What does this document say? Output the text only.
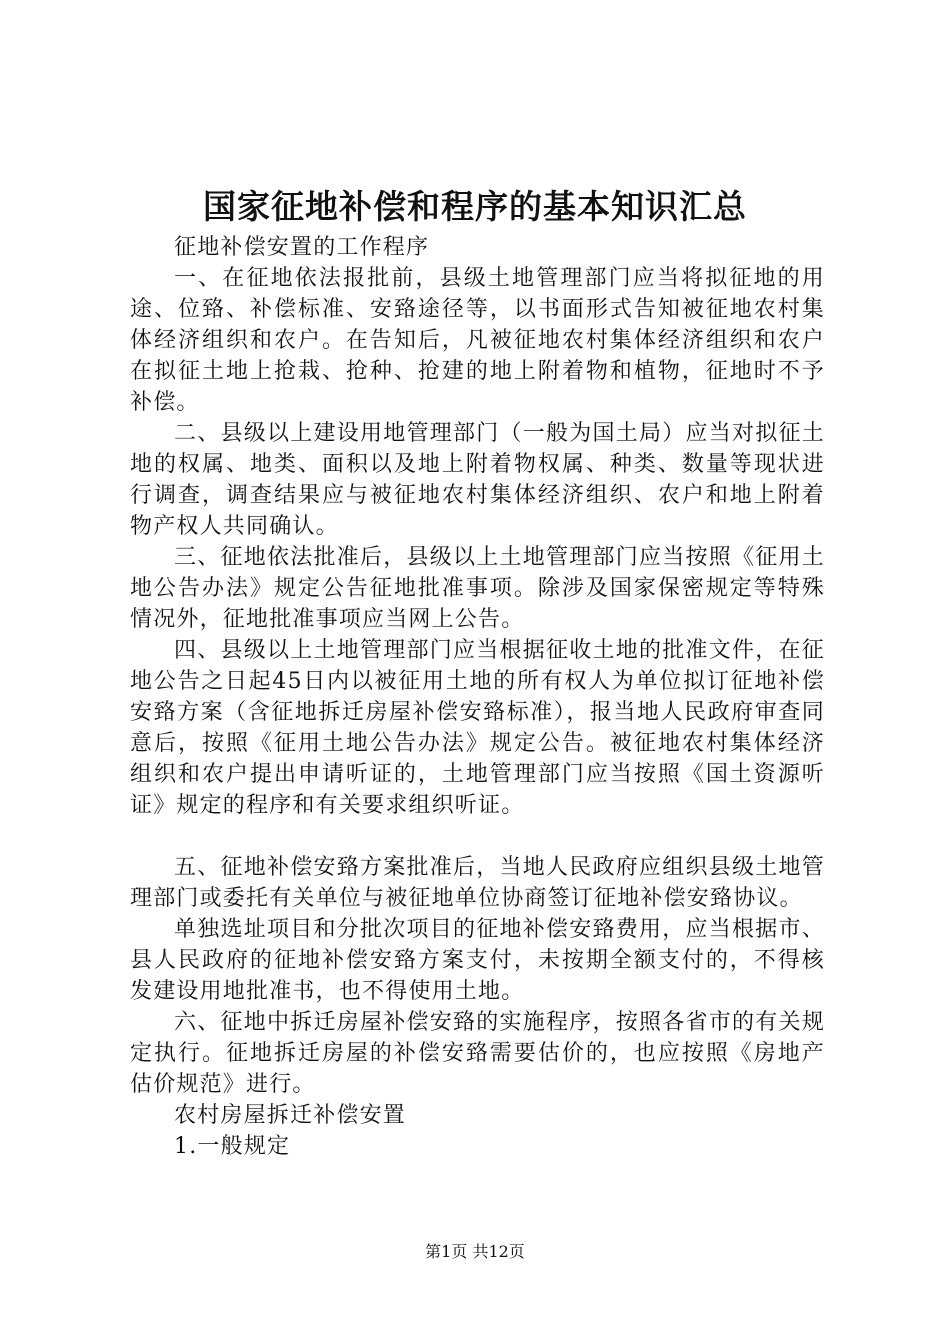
国家征地补偿和程序的基本知识汇总

征地补偿安置的工作程序

一、在征地依法报批前，县级土地管理部门应当将拟征地的用途、位臵、补偿标准、安臵途径等，以书面形式告知被征地农村集体经济组织和农户。在告知后，凡被征地农村集体经济组织和农户在拟征土地上抢栽、抢种、抢建的地上附着物和植物，征地时不予补偿。

二、县级以上建设用地管理部门（一般为国土局）应当对拟征土地的权属、地类、面积以及地上附着物权属、种类、数量等现状进行调查，调查结果应与被征地农村集体经济组织、农户和地上附着物产权人共同确认。

三、征地依法批准后，县级以上土地管理部门应当按照《征用土地公告办法》规定公告征地批准事项。除涉及国家保密规定等特殊情况外，征地批准事项应当网上公告。

四、县级以上土地管理部门应当根据征收土地的批准文件，在征地公告之日起45日内以被征用土地的所有权人为单位拟订征地补偿安臵方案（含征地拆迁房屋补偿安臵标准），报当地人民政府审查同意后，按照《征用土地公告办法》规定公告。被征地农村集体经济组织和农户提出申请听证的，土地管理部门应当按照《国土资源听证》规定的程序和有关要求组织听证。

五、征地补偿安臵方案批准后，当地人民政府应组织县级土地管理部门或委托有关单位与被征地单位协商签订征地补偿安臵协议。

单独选址项目和分批次项目的征地补偿安臵费用，应当根据市、县人民政府的征地补偿安臵方案支付，未按期全额支付的，不得核发建设用地批准书，也不得使用土地。

六、征地中拆迁房屋补偿安臵的实施程序，按照各省市的有关规定执行。征地拆迁房屋的补偿安臵需要估价的，也应按照《房地产估价规范》进行。

农村房屋拆迁补偿安置

1.一般规定

第1页 共12页
